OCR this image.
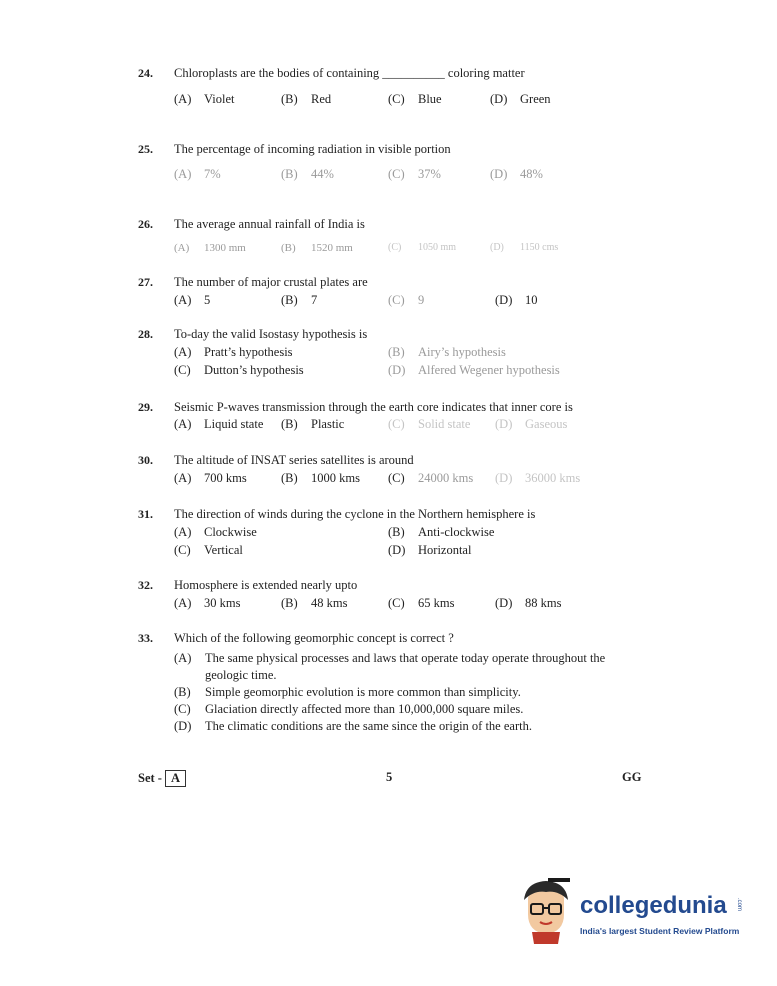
24. Chloroplasts are the bodies of containing __________ coloring matter
(A) Violet	(B) Red	(C) Blue	(D) Green
25. The percentage of incoming radiation in visible portion
(A) 7%	(B) 44%	(C) 37%	(D) 48%
26. The average annual rainfall of India is
(A) 1300 mm	(B) 1520 mm	(C) 1050 mm	(D) 1150 cms
27. The number of major crustal plates are
(A) 5	(B) 7	(C) 9	(D) 10
28. To-day the valid Isostasy hypothesis is
(A) Pratt’s hypothesis	(B) Airy’s hypothesis
(C) Dutton’s hypothesis	(D) Alfered Wegener hypothesis
29. Seismic P-waves transmission through the earth core indicates that inner core is
(A) Liquid state (B) Plastic	(C) Solid state (D) Gaseous
30. The altitude of INSAT series satellites is around
(A) 700 kms	(B) 1000 kms (C) 24000 kms (D) 36000 kms
31. The direction of winds during the cyclone in the Northern hemisphere is
(A) Clockwise	(B) Anti-clockwise
(C) Vertical	(D) Horizontal
32. Homosphere is extended nearly upto
(A) 30 kms	(B) 48 kms	(C) 65 kms	(D) 88 kms
33. Which of the following geomorphic concept is correct ?
(A) The same physical processes and laws that operate today operate throughout the geologic time.
(B) Simple geomorphic evolution is more common than simplicity.
(C) Glaciation directly affected more than 10,000,000 square miles.
(D) The climatic conditions are the same since the origin of the earth.
Set - A	5	GG
collegedunia .com
India's largest Student Review Platform
